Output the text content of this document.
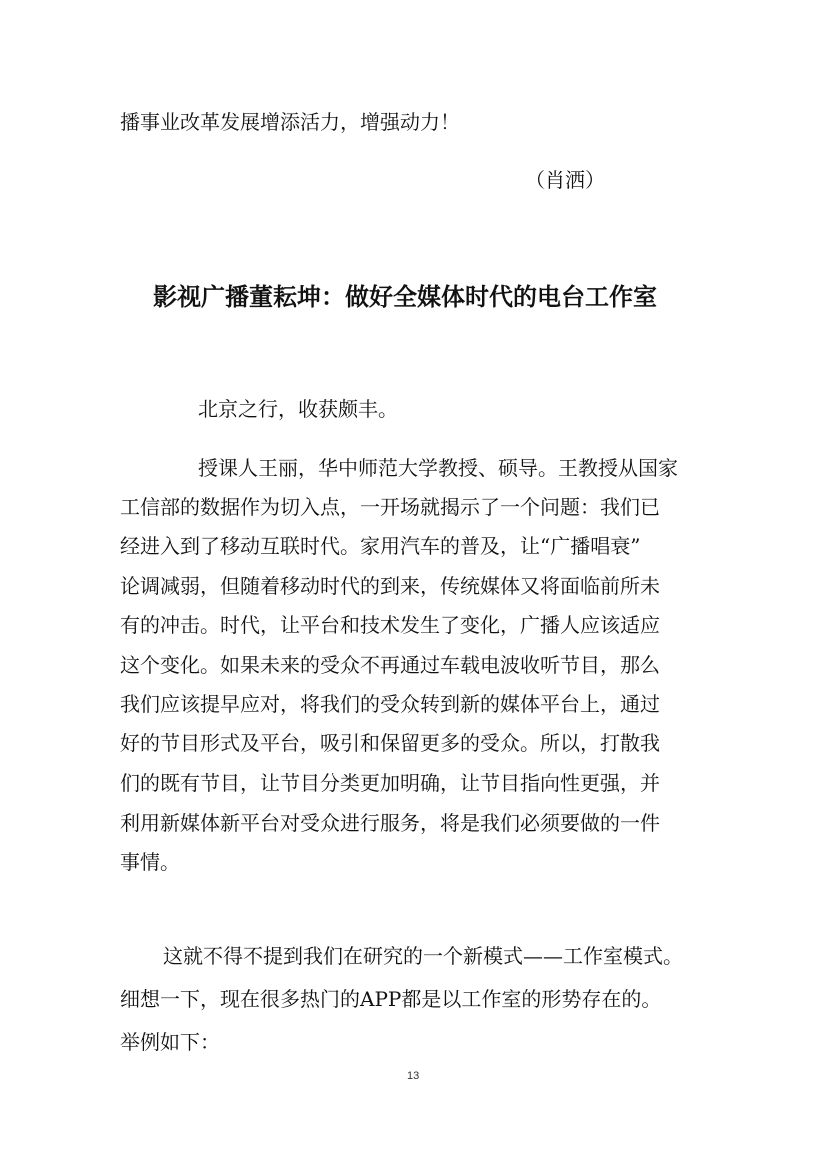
播事业改革发展增添活力，增强动力！
（肖洒）
影视广播董耘坤：做好全媒体时代的电台工作室
北京之行，收获颇丰。
授课人王丽，华中师范大学教授、硕导。王教授从国家
工信部的数据作为切入点，一开场就揭示了一个问题：我们已
经进入到了移动互联时代。家用汽车的普及，让“广播唱衰”
论调减弱，但随着移动时代的到来，传统媒体又将面临前所未
有的冲击。时代，让平台和技术发生了变化，广播人应该适应
这个变化。如果未来的受众不再通过车载电波收听节目，那么
我们应该提早应对，将我们的受众转到新的媒体平台上，通过
好的节目形式及平台，吸引和保留更多的受众。所以，打散我
们的既有节目，让节目分类更加明确，让节目指向性更强，并
利用新媒体新平台对受众进行服务，将是我们必须要做的一件
事情。
这就不得不提到我们在研究的一个新模式——工作室模式。
细想一下，现在很多热门的APP都是以工作室的形势存在的。
举例如下：
13
